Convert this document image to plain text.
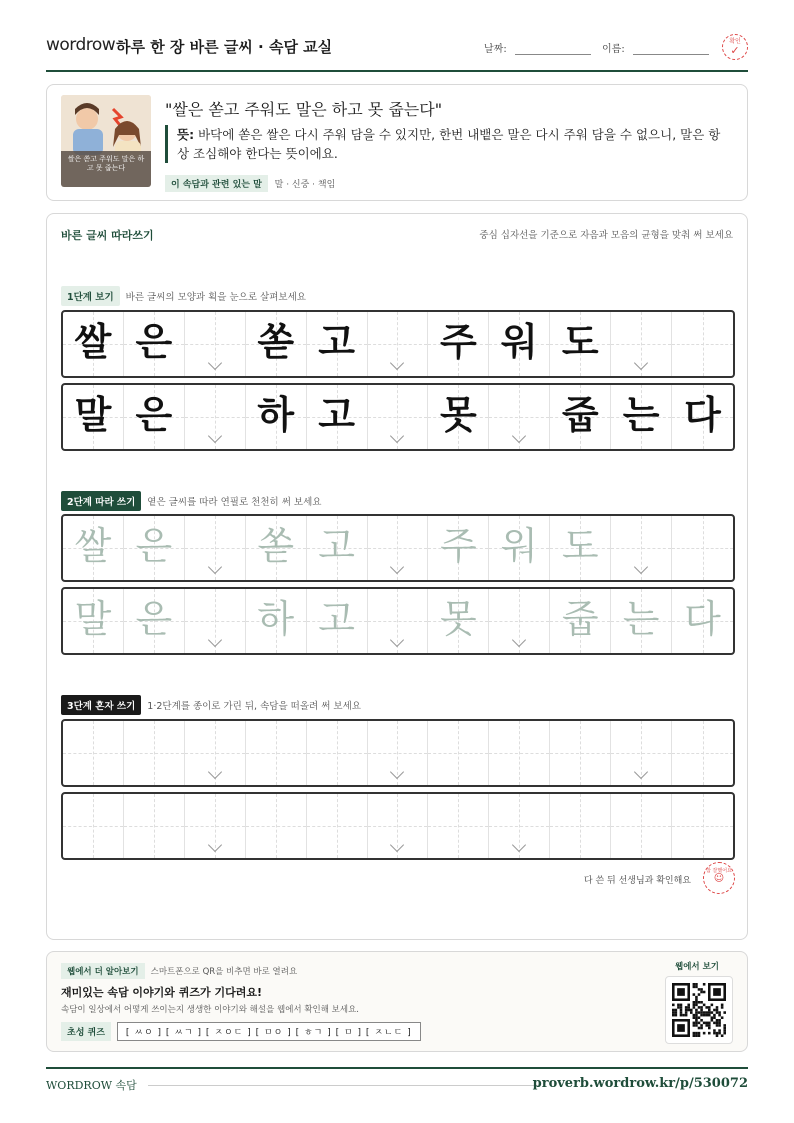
wordrow 하루 한 장 바른 글씨 · 속담 교실	날짜:	이름:
확인
✓
쌀은 쏟고 주워도 말은 하고 못 줍는다
"쌀은 쏟고 주워도 말은 하고 못 줍는다"
뜻: 바닥에 쏟은 쌀은 다시 주워 담을 수 있지만, 한번 내뱉은 말은 다시 주워 담을 수 없으니, 말은 항상 조심해야 한다는 뜻이에요.
이 속담과 관련 있는 말 말 · 신중 · 책임
바른 글씨 따라쓰기	중심 십자선을 기준으로 자음과 모음의 균형을 맞춰 써 보세요
1단계 보기 바른 글씨의 모양과 획을 눈으로 살펴보세요
쌀 은	쏟 고	주 워 도
말 은	하 고	못	줍 는 다
2단계 따라 쓰기 옅은 글씨를 따라 연필로 천천히 써 보세요
쌀 은	쏟 고	주 워 도
말 은	하 고	못	줍 는 다
3단계 혼자 쓰기 1·2단계를 종이로 가린 뒤, 속담을 떠올려 써 보세요
다 쓴 뒤 선생님과 확인해요
참 잘했어요
☺
웹에서 더 알아보기 스마트폰으로 QR을 비추면 바로 열려요
재미있는 속담 이야기와 퀴즈가 기다려요!
속담이 일상에서 어떻게 쓰이는지 생생한 이야기와 해설을 웹에서 확인해 보세요.
초성 퀴즈 [ ㅆㅇ ] [ ㅆㄱ ] [ ㅈㅇㄷ ] [ ㅁㅇ ] [ ㅎㄱ ] [ ㅁ ] [ ㅈㄴㄷ ]
웹에서 보기
WORDROW 속담	proverb.wordrow.kr/p/530072
